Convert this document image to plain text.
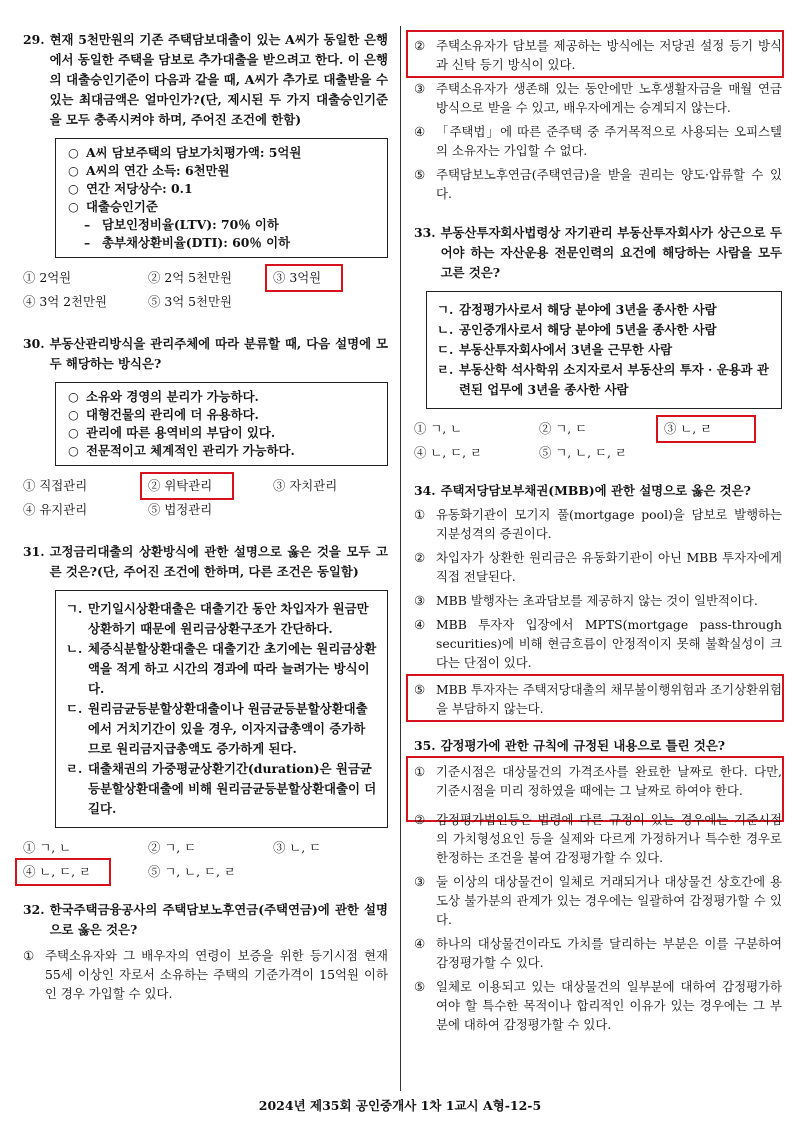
29. 현재 5천만원의 기존 주택담보대출이 있는 A씨가 동일한 은행에서 동일한 주택을 담보로 추가대출을 받으려고 한다. 이 은행의 대출승인기준이 다음과 같을 때, A씨가 추가로 대출받을 수 있는 최대금액은 얼마인가?(단, 제시된 두 가지 대출승인기준을 모두 충족시켜야 하며, 주어진 조건에 한함)
○ A씨 담보주택의 담보가치평가액: 5억원
○ A씨의 연간 소득: 6천만원
○ 연간 저당상수: 0.1
○ 대출승인기준
– 담보인정비율(LTV): 70％ 이하
– 총부채상환비율(DTI): 60％ 이하
① 2억원	② 2억 5천만원	③ 3억원
④ 3억 2천만원	⑤ 3억 5천만원
30. 부동산관리방식을 관리주체에 따라 분류할 때, 다음 설명에 모두 해당하는 방식은?
○ 소유와 경영의 분리가 가능하다.
○ 대형건물의 관리에 더 유용하다.
○ 관리에 따른 용역비의 부담이 있다.
○ 전문적이고 체계적인 관리가 가능하다.
① 직접관리	② 위탁관리	③ 자치관리
④ 유지관리	⑤ 법정관리
31. 고정금리대출의 상환방식에 관한 설명으로 옳은 것을 모두 고른 것은?(단, 주어진 조건에 한하며, 다른 조건은 동일함)
ㄱ. 만기일시상환대출은 대출기간 동안 차입자가 원금만 상환하기 때문에 원리금상환구조가 간단하다.
ㄴ. 체증식분할상환대출은 대출기간 초기에는 원리금상환액을 적게 하고 시간의 경과에 따라 늘려가는 방식이다.
ㄷ. 원리금균등분할상환대출이나 원금균등분할상환대출에서 거치기간이 있을 경우, 이자지급총액이 증가하므로 원리금지급총액도 증가하게 된다.
ㄹ. 대출채권의 가중평균상환기간(duration)은 원금균등분할상환대출에 비해 원리금균등분할상환대출이 더 길다.
① ㄱ, ㄴ	② ㄱ, ㄷ	③ ㄴ, ㄷ
④ ㄴ, ㄷ, ㄹ	⑤ ㄱ, ㄴ, ㄷ, ㄹ
32. 한국주택금융공사의 주택담보노후연금(주택연금)에 관한 설명으로 옳은 것은?
① 주택소유자와 그 배우자의 연령이 보증을 위한 등기시점 현재 55세 이상인 자로서 소유하는 주택의 기준가격이 15억원 이하인 경우 가입할 수 있다.
② 주택소유자가 담보를 제공하는 방식에는 저당권 설정 등기 방식과 신탁 등기 방식이 있다.
③ 주택소유자가 생존해 있는 동안에만 노후생활자금을 매월 연금 방식으로 받을 수 있고, 배우자에게는 승계되지 않는다.
④ 「주택법」에 따른 준주택 중 주거목적으로 사용되는 오피스텔의 소유자는 가입할 수 없다.
⑤ 주택담보노후연금(주택연금)을 받을 권리는 양도·압류할 수 있다.
33. 부동산투자회사법령상 자기관리 부동산투자회사가 상근으로 두어야 하는 자산운용 전문인력의 요건에 해당하는 사람을 모두 고른 것은?
ㄱ. 감정평가사로서 해당 분야에 3년을 종사한 사람
ㄴ. 공인중개사로서 해당 분야에 5년을 종사한 사람
ㄷ. 부동산투자회사에서 3년을 근무한 사람
ㄹ. 부동산학 석사학위 소지자로서 부동산의 투자 · 운용과 관련된 업무에 3년을 종사한 사람
① ㄱ, ㄴ	② ㄱ, ㄷ	③ ㄴ, ㄹ
④ ㄴ, ㄷ, ㄹ	⑤ ㄱ, ㄴ, ㄷ, ㄹ
34. 주택저당담보부채권(MBB)에 관한 설명으로 옳은 것은?
① 유동화기관이 모기지 풀(mortgage pool)을 담보로 발행하는 지분성격의 증권이다.
② 차입자가 상환한 원리금은 유동화기관이 아닌 MBB 투자자에게 직접 전달된다.
③ MBB 발행자는 초과담보를 제공하지 않는 것이 일반적이다.
④ MBB 투자자 입장에서 MPTS(mortgage pass-through securities)에 비해 현금흐름이 안정적이지 못해 불확실성이 크다는 단점이 있다.
⑤ MBB 투자자는 주택저당대출의 채무불이행위험과 조기상환위험을 부담하지 않는다.
35. 감정평가에 관한 규칙에 규정된 내용으로 틀린 것은?
① 기준시점은 대상물건의 가격조사를 완료한 날짜로 한다. 다만, 기준시점을 미리 정하였을 때에는 그 날짜로 하여야 한다.
② 감정평가법인등은 법령에 다른 규정이 있는 경우에는 기준시점의 가치형성요인 등을 실제와 다르게 가정하거나 특수한 경우로 한정하는 조건을 붙여 감정평가할 수 있다.
③ 둘 이상의 대상물건이 일체로 거래되거나 대상물건 상호간에 용도상 불가분의 관계가 있는 경우에는 일괄하여 감정평가할 수 있다.
④ 하나의 대상물건이라도 가치를 달리하는 부분은 이를 구분하여 감정평가할 수 있다.
⑤ 일체로 이용되고 있는 대상물건의 일부분에 대하여 감정평가하여야 할 특수한 목적이나 합리적인 이유가 있는 경우에는 그 부분에 대하여 감정평가할 수 있다.
2024년 제35회 공인중개사 1차 1교시 A형-12-5
